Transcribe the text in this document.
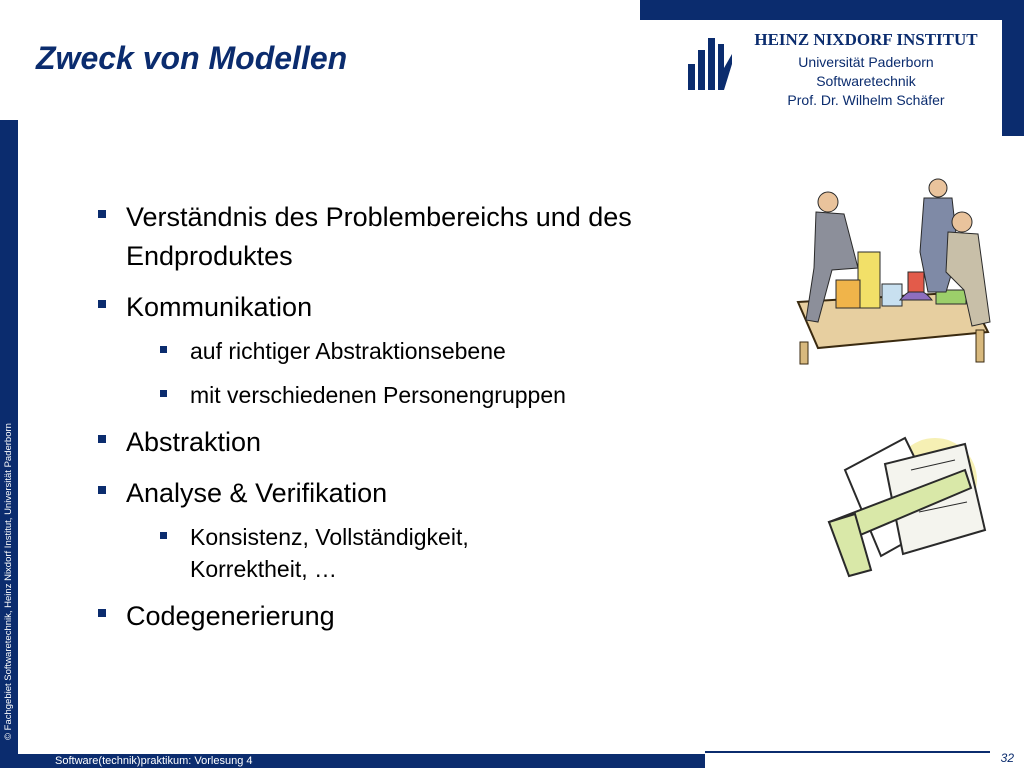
© Fachgebiet Softwaretechnik, Heinz Nixdorf Institut, Universität Paderborn
Zweck von Modellen
HEINZ NIXDORF INSTITUT
Universität Paderborn
Softwaretechnik
Prof. Dr. Wilhelm Schäfer
Verständnis des Problembereichs und des Endproduktes
Kommunikation
auf richtiger Abstraktionsebene
mit verschiedenen Personengruppen
Abstraktion
Analyse & Verifikation
Konsistenz, Vollständigkeit, Korrektheit, …
Codegenerierung
Software(technik)praktikum: Vorlesung 4	32
